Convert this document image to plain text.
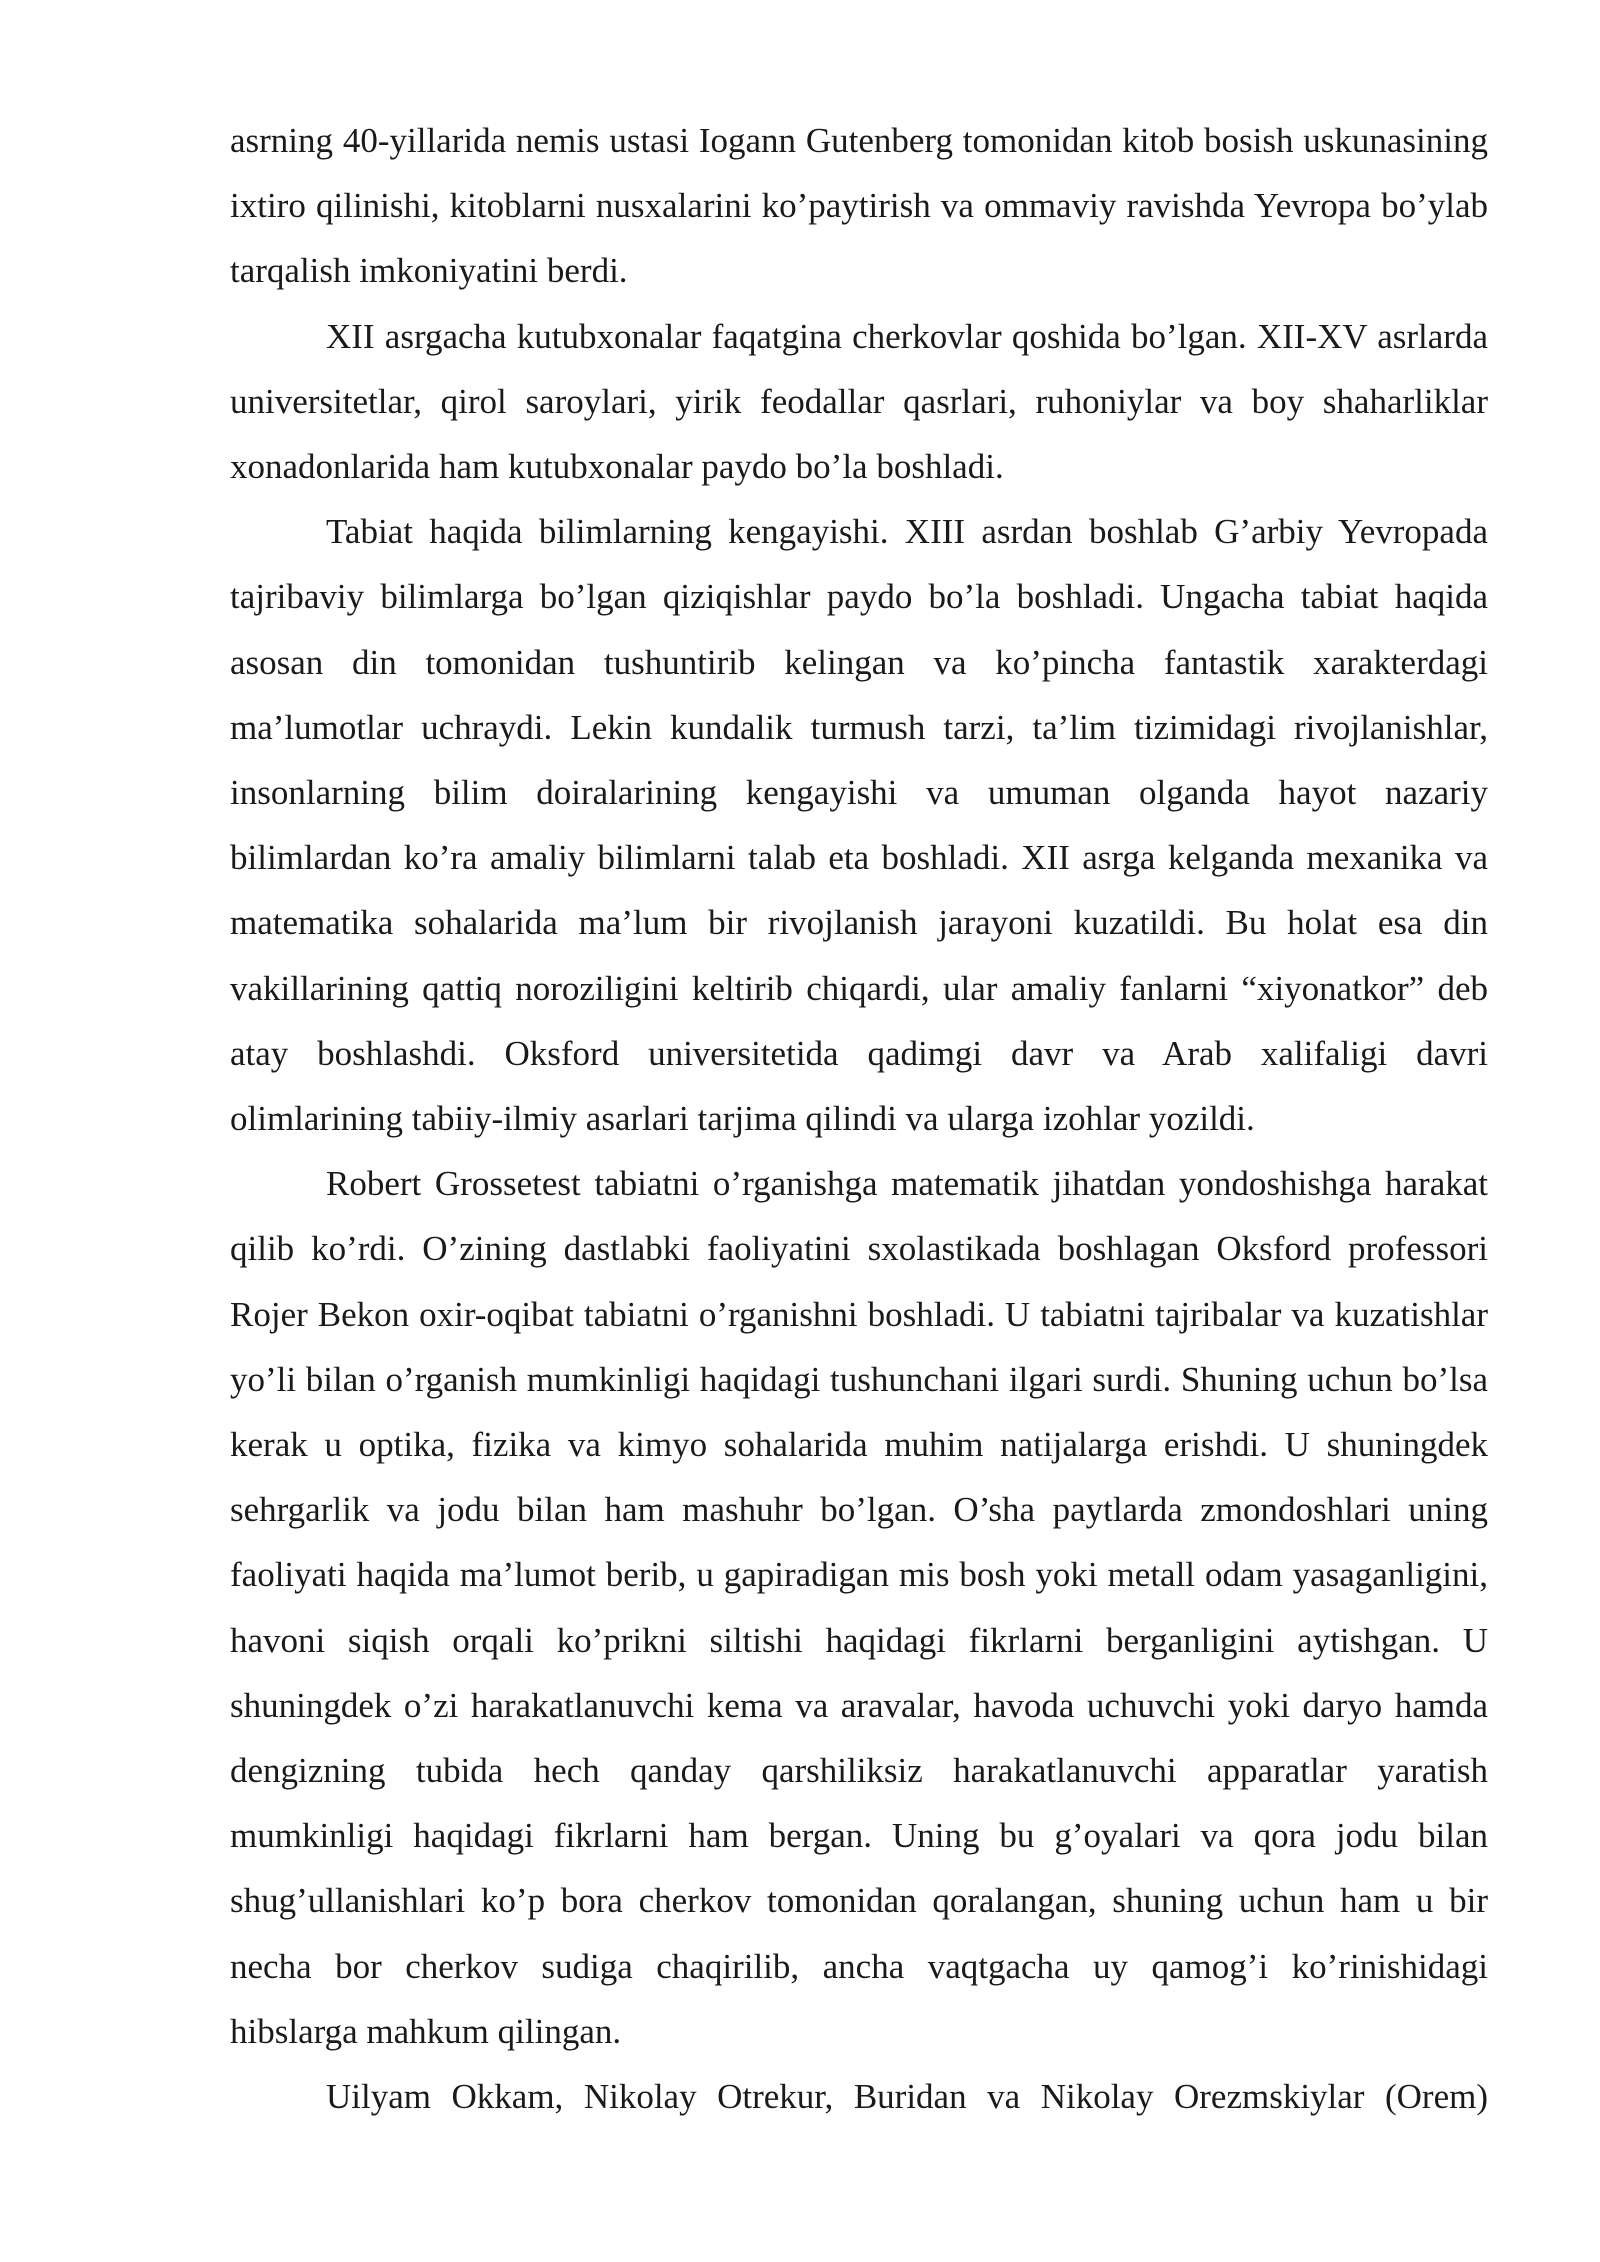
asrning 40-yillarida nemis ustasi Iogann Gutenberg tomonidan kitob bosish uskunasining ixtiro qilinishi, kitoblarni nusxalarini ko’paytirish va ommaviy ravishda Yevropa bo’ylab tarqalish imkoniyatini berdi.

XII asrgacha kutubxonalar faqatgina cherkovlar qoshida bo’lgan. XII-XV asrlarda universitetlar, qirol saroylari, yirik feodallar qasrlari, ruhoniylar va boy shaharliklar xonadonlarida ham kutubxonalar paydo bo’la boshladi.

Tabiat haqida bilimlarning kengayishi. XIII asrdan boshlab G’arbiy Yevropada tajribaviy bilimlarga bo’lgan qiziqishlar paydo bo’la boshladi. Ungacha tabiat haqida asosan din tomonidan tushuntirib kelingan va ko’pincha fantastik xarakterdagi ma’lumotlar uchraydi. Lekin kundalik turmush tarzi, ta’lim tizimidagi rivojlanishlar, insonlarning bilim doiralarining kengayishi va umuman olganda hayot nazariy bilimlardan ko’ra amaliy bilimlarni talab eta boshladi. XII asrga kelganda mexanika va matematika sohalarida ma’lum bir rivojlanish jarayoni kuzatildi. Bu holat esa din vakillarining qattiq noroziligini keltirib chiqardi, ular amaliy fanlarni “xiyonatkor” deb atay boshlashdi. Oksford universitetida qadimgi davr va Arab xalifaligi davri olimlarining tabiiy-ilmiy asarlari tarjima qilindi va ularga izohlar yozildi.

Robert Grossetest tabiatni o’rganishga matematik jihatdan yondoshishga harakat qilib ko’rdi. O’zining dastlabki faoliyatini sxolastikada boshlagan Oksford professori Rojer Bekon oxir-oqibat tabiatni o’rganishni boshladi. U tabiatni tajribalar va kuzatishlar yo’li bilan o’rganish mumkinligi haqidagi tushunchani ilgari surdi. Shuning uchun bo’lsa kerak u optika, fizika va kimyo sohalarida muhim natijalarga erishdi. U shuningdek sehrgarlik va jodu bilan ham mashuhr bo’lgan. O’sha paytlarda zmondoshlari uning faoliyati haqida ma’lumot berib, u gapiradigan mis bosh yoki metall odam yasaganligini, havoni siqish orqali ko’prikni siltishi haqidagi fikrlarni berganligini aytishgan. U shuningdek o’zi harakatlanuvchi kema va aravalar, havoda uchuvchi yoki daryo hamda dengizning tubida hech qanday qarshiliksiz harakatlanuvchi apparatlar yaratish mumkinligi haqidagi fikrlarni ham bergan. Uning bu g’oyalari va qora jodu bilan shug’ullanishlari ko’p bora cherkov tomonidan qoralangan, shuning uchun ham u bir necha bor cherkov sudiga chaqirilib, ancha vaqtgacha uy qamog’i ko’rinishidagi hibslarga mahkum qilingan.

Uilyam Okkam, Nikolay Otrekur, Buridan va Nikolay Orezmskiylar (Orem)
